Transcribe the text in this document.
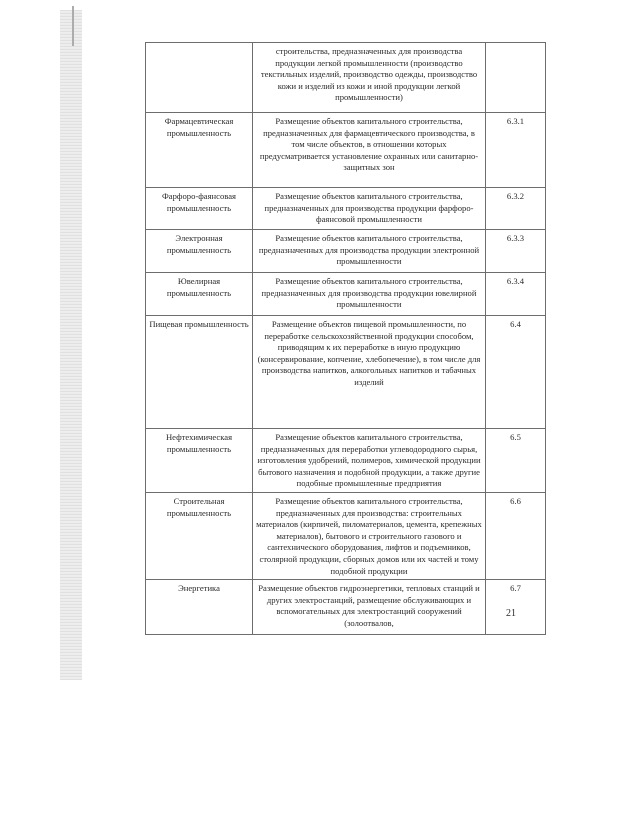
	строительства, предназначенных для производства продукции легкой промышленности (производство текстильных изделий, производство одежды, производство кожи и изделий из кожи и иной продукции легкой промышленности)	
Фармацевтическая промышленность	Размещение объектов капитального строительства, предназначенных для фармацевтического производства, в том числе объектов, в отношении которых предусматривается установление охранных или санитарно-защитных зон	6.3.1
Фарфоро-фаянсовая промышленность	Размещение объектов капитального строительства, предназначенных для производства продукции фарфоро-фаянсовой промышленности	6.3.2
Электронная промышленность	Размещение объектов капитального строительства, предназначенных для производства продукции электронной промышленности	6.3.3
Ювелирная промышленность	Размещение объектов капитального строительства, предназначенных для производства продукции ювелирной промышленности	6.3.4
Пищевая промышленность	Размещение объектов пищевой промышленности, по переработке сельскохозяйственной продукции способом, приводящим к их переработке в иную продукцию (консервирование, копчение, хлебопечение), в том числе для производства напитков, алкогольных напитков и табачных изделий	6.4
Нефтехимическая промышленность	Размещение объектов капитального строительства, предназначенных для переработки углеводородного сырья, изготовления удобрений, полимеров, химической продукции бытового назначения и подобной продукции, а также другие подобные промышленные предприятия	6.5
Строительная промышленность	Размещение объектов капитального строительства, предназначенных для производства: строительных материалов (кирпичей, пиломатериалов, цемента, крепежных материалов), бытового и строительного газового и сантехнического оборудования, лифтов и подъемников, столярной продукции, сборных домов или их частей и тому подобной продукции	6.6
Энергетика	Размещение объектов гидроэнергетики, тепловых станций и других электростанций, размещение обслуживающих и вспомогательных для электростанций сооружений (золоотвалов,	6.7
21
